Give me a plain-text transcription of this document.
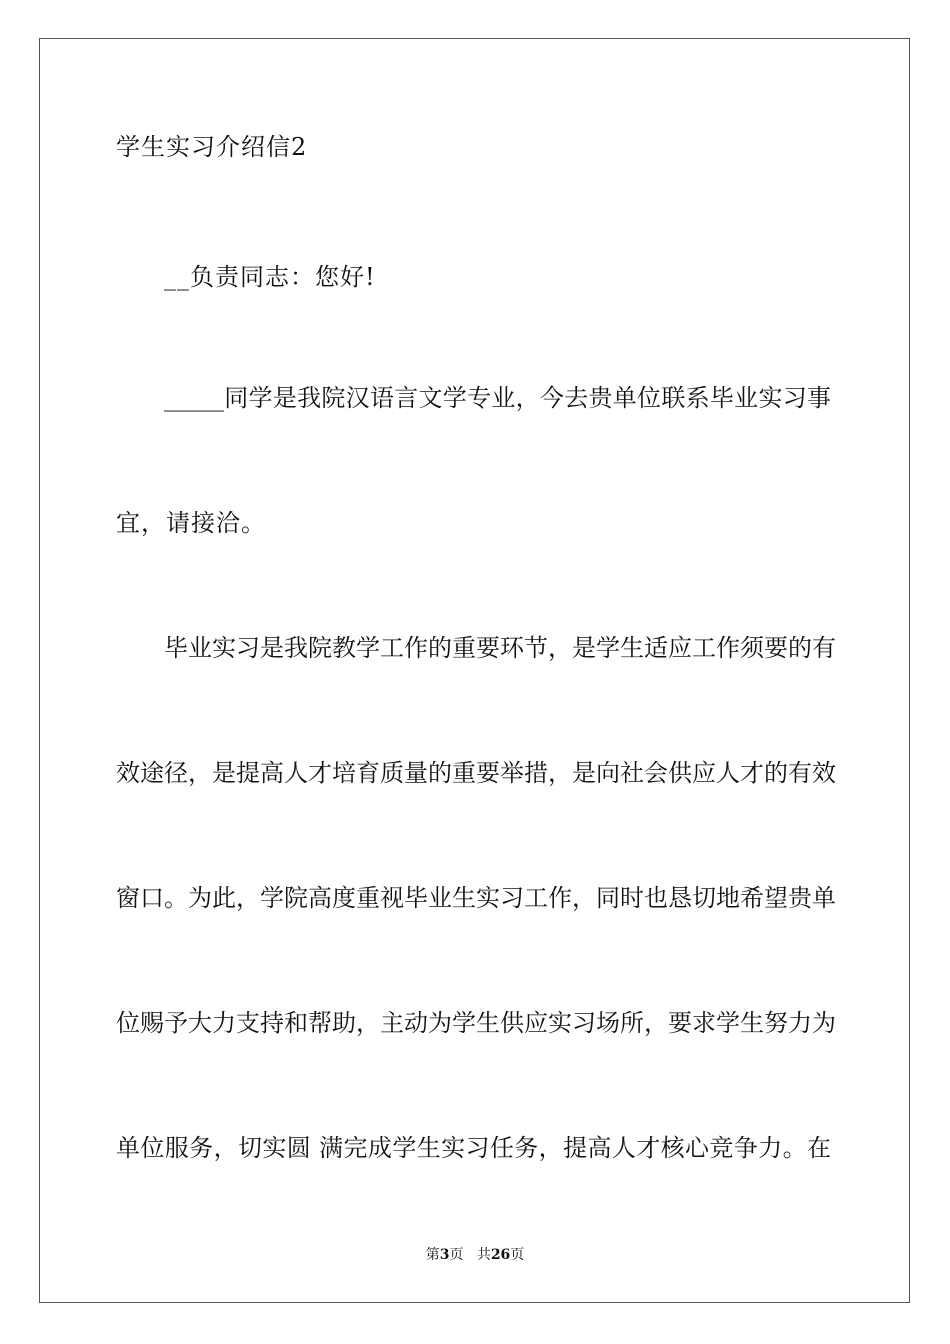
学生实习介绍信2
__负责同志：您好!
_____同学是我院汉语言文学专业，今去贵单位联系毕业实习事
宜，请接洽。
毕业实习是我院教学工作的重要环节，是学生适应工作须要的有
效途径，是提高人才培育质量的重要举措，是向社会供应人才的有效
窗口。为此，学院高度重视毕业生实习工作，同时也恳切地希望贵单
位赐予大力支持和帮助，主动为学生供应实习场所，要求学生努力为
单位服务，切实圆 满完成学生实习任务，提高人才核心竞争力。在
第3页 共26页
